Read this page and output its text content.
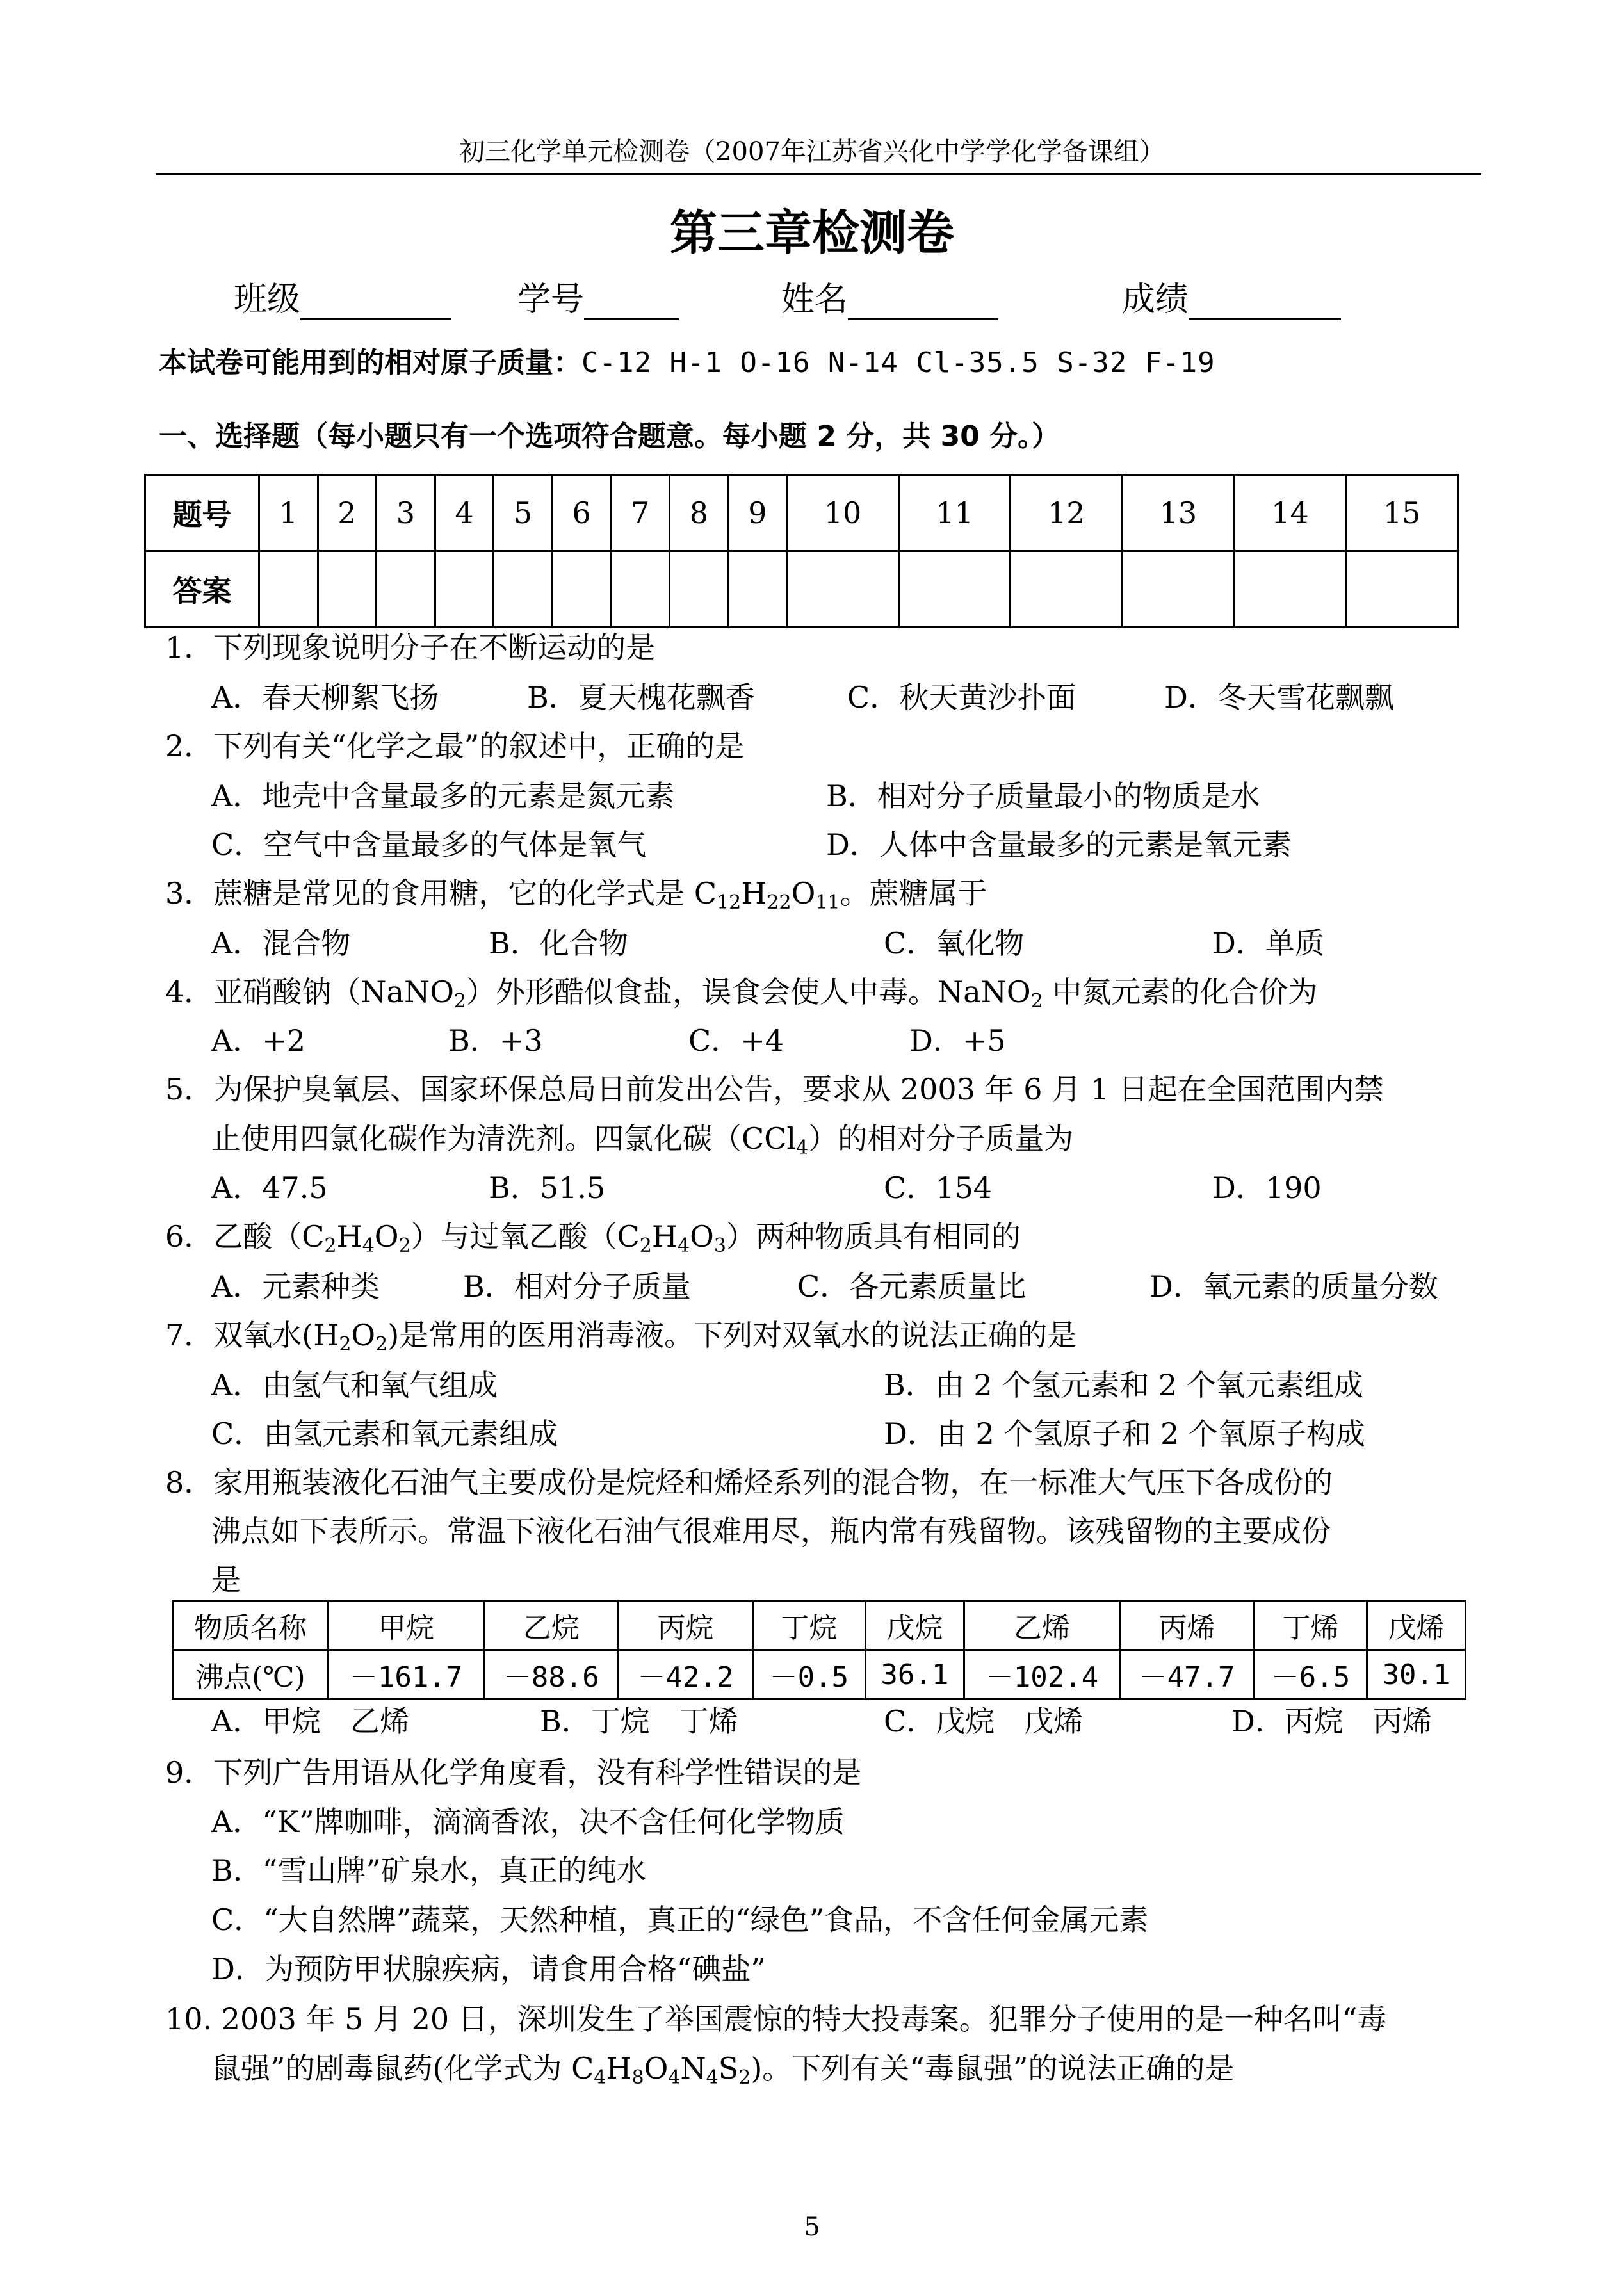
初三化学单元检测卷（2007年江苏省兴化中学学化学备课组）
第三章检测卷
班级	学号	姓名	成绩
本试卷可能用到的相对原子质量：C-12 H-1 O-16 N-14 Cl-35.5 S-32 F-19
一、选择题（每小题只有一个选项符合题意。每小题 2 分，共 30 分。）
题号	1	2	3	4	5	6	7	8	9	10	11	12	13	14	15
答案															
1．下列现象说明分子在不断运动的是
A．春天柳絮飞扬	B．夏天槐花飘香	C．秋天黄沙扑面	D．冬天雪花飘飘
2．下列有关“化学之最”的叙述中，正确的是
A．地壳中含量最多的元素是氮元素	B．相对分子质量最小的物质是水
C．空气中含量最多的气体是氧气	D．人体中含量最多的元素是氧元素
3．蔗糖是常见的食用糖，它的化学式是 $C_{12}H_{22}O_{11}$。蔗糖属于
A．混合物	B．化合物	C．氧化物	D．单质
4．亚硝酸钠（NaNO$_2$）外形酷似食盐，误食会使人中毒。NaNO$_2$ 中氮元素的化合价为
A．+2	B．+3	C．+4	D．+5
5．为保护臭氧层、国家环保总局日前发出公告，要求从 2003 年 6 月 1 日起在全国范围内禁
止使用四氯化碳作为清洗剂。四氯化碳（CCl$_4$）的相对分子质量为
A．47.5	B．51.5	C．154	D．190
6．乙酸$(C_2H_4O_2)$与过氧乙酸$(C_2H_4O_3)$两种物质具有相同的
A．元素种类	B．相对分子质量	C．各元素质量比	D．氧元素的质量分数
7．双氧水$(H_2O_2)$是常用的医用消毒液。下列对双氧水的说法正确的是
A．由氢气和氧气组成	B．由 2 个氢元素和 2 个氧元素组成
C．由氢元素和氧元素组成	D．由 2 个氢原子和 2 个氧原子构成
8．家用瓶装液化石油气主要成份是烷烃和烯烃系列的混合物，在一标准大气压下各成份的
沸点如下表所示。常温下液化石油气很难用尽，瓶内常有残留物。该残留物的主要成份
是
物质名称	甲烷	乙烷	丙烷	丁烷	戊烷	乙烯	丙烯	丁烯	戊烯
沸点(℃)	－161.7	－88.6	－42.2	－0.5	36.1	－102.4	－47.7	－6.5	30.1
A．甲烷　乙烯	B．丁烷　丁烯	C．戊烷　戊烯	D．丙烷　丙烯
9．下列广告用语从化学角度看，没有科学性错误的是
A．“K”牌咖啡，滴滴香浓，决不含任何化学物质
B．“雪山牌”矿泉水，真正的纯水
C．“大自然牌”蔬菜，天然种植，真正的“绿色”食品，不含任何金属元素
D．为预防甲状腺疾病，请食用合格“碘盐”
10. 2003 年 5 月 20 日，深圳发生了举国震惊的特大投毒案。犯罪分子使用的是一种名叫“毒
鼠强”的剧毒鼠药(化学式为 $C_4H_8O_4N_4S_2$)。下列有关“毒鼠强”的说法正确的是
5
